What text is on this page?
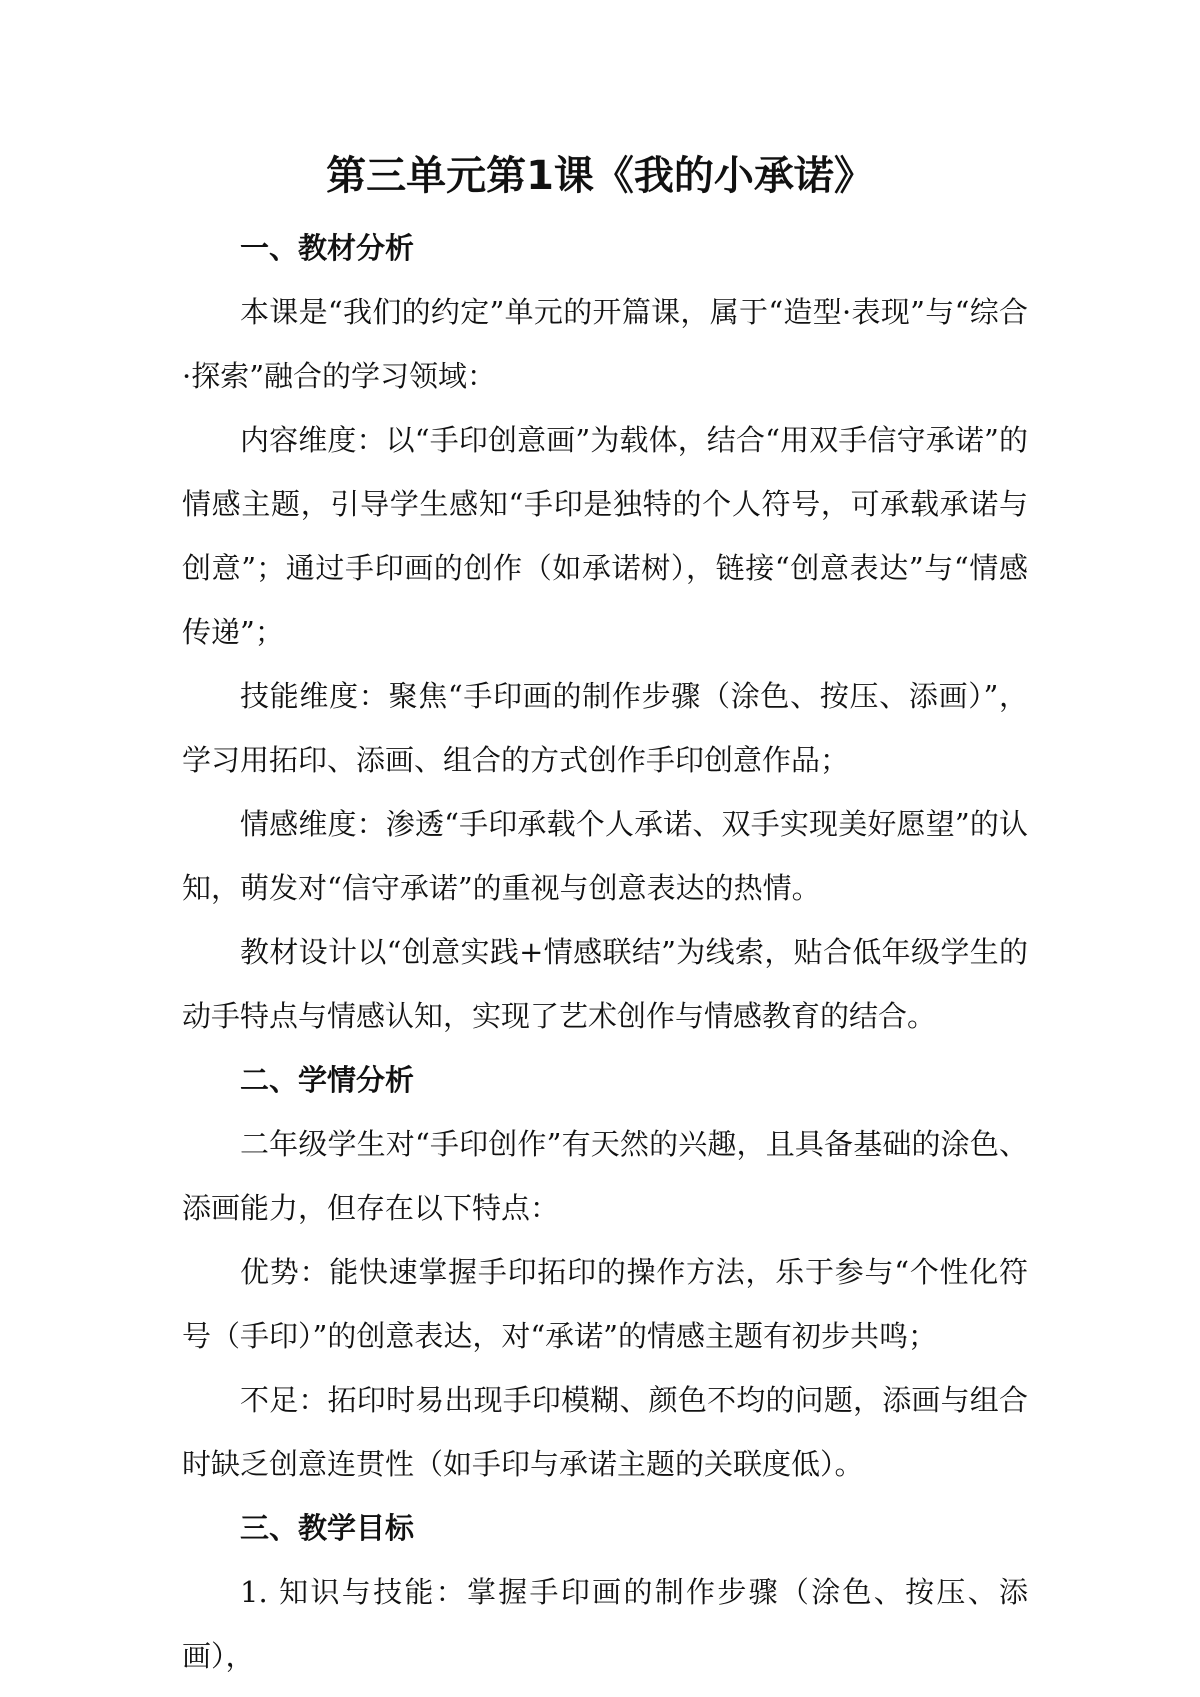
第三单元第1课《我的小承诺》
一、教材分析

本课是“我们的约定”单元的开篇课，属于“造型·表现”与“综合·探索”融合的学习领域：

内容维度：以“手印创意画”为载体，结合“用双手信守承诺”的情感主题，引导学生感知“手印是独特的个人符号，可承载承诺与创意”；通过手印画的创作（如承诺树），链接“创意表达”与“情感传递”；

技能维度：聚焦“手印画的制作步骤（涂色、按压、添画）”，学习用拓印、添画、组合的方式创作手印创意作品；

情感维度：渗透“手印承载个人承诺、双手实现美好愿望”的认知，萌发对“信守承诺”的重视与创意表达的热情。

教材设计以“创意实践+情感联结”为线索，贴合低年级学生的动手特点与情感认知，实现了艺术创作与情感教育的结合。

二、学情分析

二年级学生对“手印创作”有天然的兴趣，且具备基础的涂色、添画能力，但存在以下特点：

优势：能快速掌握手印拓印的操作方法，乐于参与“个性化符号（手印）”的创意表达，对“承诺”的情感主题有初步共鸣；

不足：拓印时易出现手印模糊、颜色不均的问题，添画与组合时缺乏创意连贯性（如手印与承诺主题的关联度低）。

三、教学目标

1. 知识与技能：掌握手印画的制作步骤（涂色、按压、添画），
